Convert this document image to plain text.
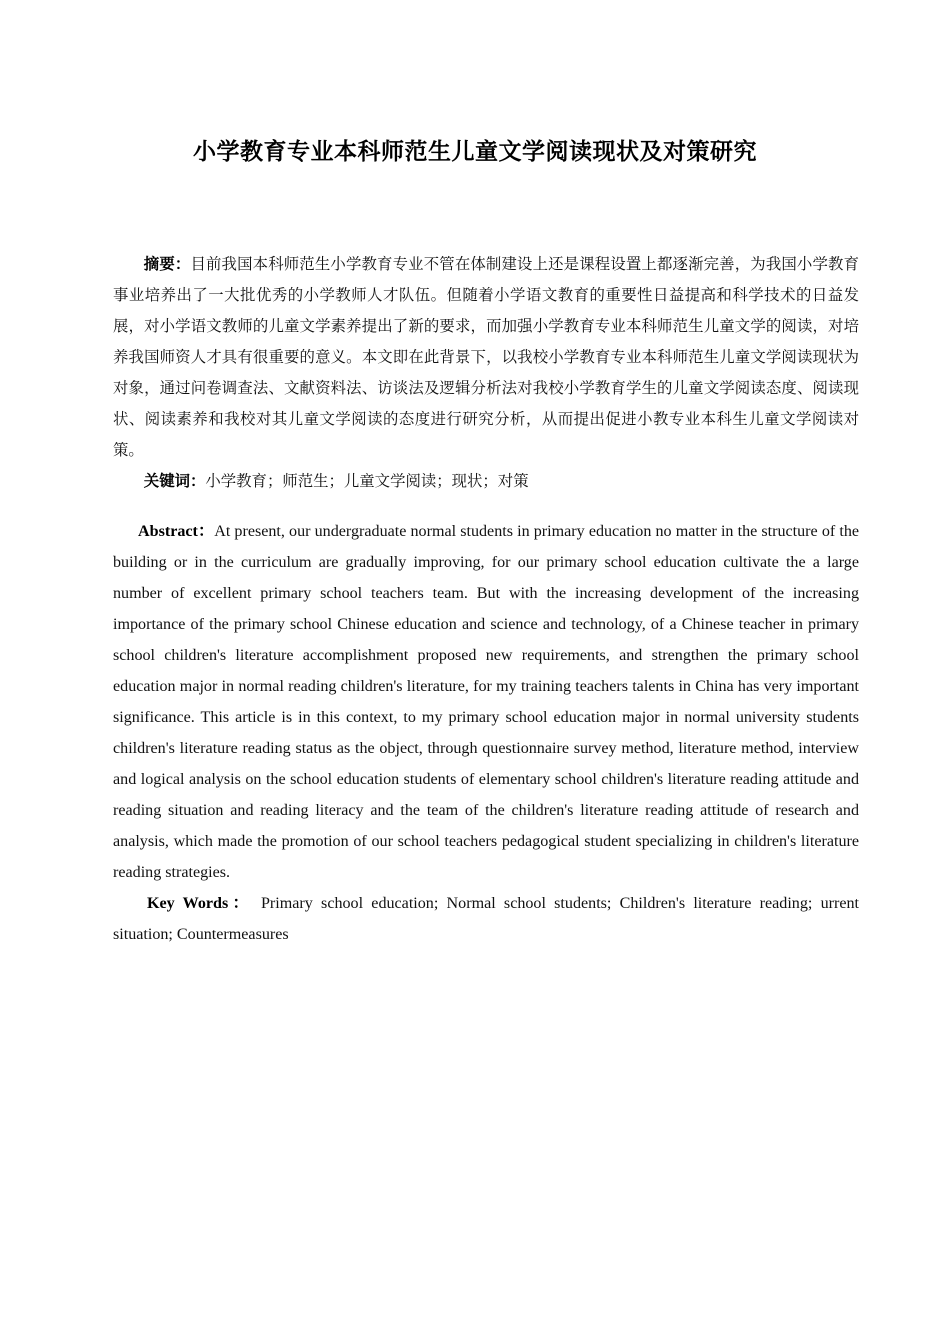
小学教育专业本科师范生儿童文学阅读现状及对策研究

摘要：目前我国本科师范生小学教育专业不管在体制建设上还是课程设置上都逐渐完善，为我国小学教育事业培养出了一大批优秀的小学教师人才队伍。但随着小学语文教育的重要性日益提高和科学技术的日益发展，对小学语文教师的儿童文学素养提出了新的要求，而加强小学教育专业本科师范生儿童文学的阅读，对培养我国师资人才具有很重要的意义。本文即在此背景下，以我校小学教育专业本科师范生儿童文学阅读现状为对象，通过问卷调查法、文献资料法、访谈法及逻辑分析法对我校小学教育学生的儿童文学阅读态度、阅读现状、阅读素养和我校对其儿童文学阅读的态度进行研究分析，从而提出促进小教专业本科生儿童文学阅读对策。

关键词：小学教育；师范生；儿童文学阅读；现状；对策

Abstract：At present, our undergraduate normal students in primary education no matter in the structure of the building or in the curriculum are gradually improving, for our primary school education cultivate the a large number of excellent primary school teachers team. But with the increasing development of the increasing importance of the primary school Chinese education and science and technology, of a Chinese teacher in primary school children's literature accomplishment proposed new requirements, and strengthen the primary school education major in normal reading children's literature, for my training teachers talents in China has very important significance. This article is in this context, to my primary school education major in normal university students children's literature reading status as the object, through questionnaire survey method, literature method, interview and logical analysis on the school education students of elementary school children's literature reading attitude and reading situation and reading literacy and the team of the children's literature reading attitude of research and analysis, which made the promotion of our school teachers pedagogical student specializing in children's literature reading strategies.

Key Words： Primary school education; Normal school students; Children's literature reading; urrent situation; Countermeasures
